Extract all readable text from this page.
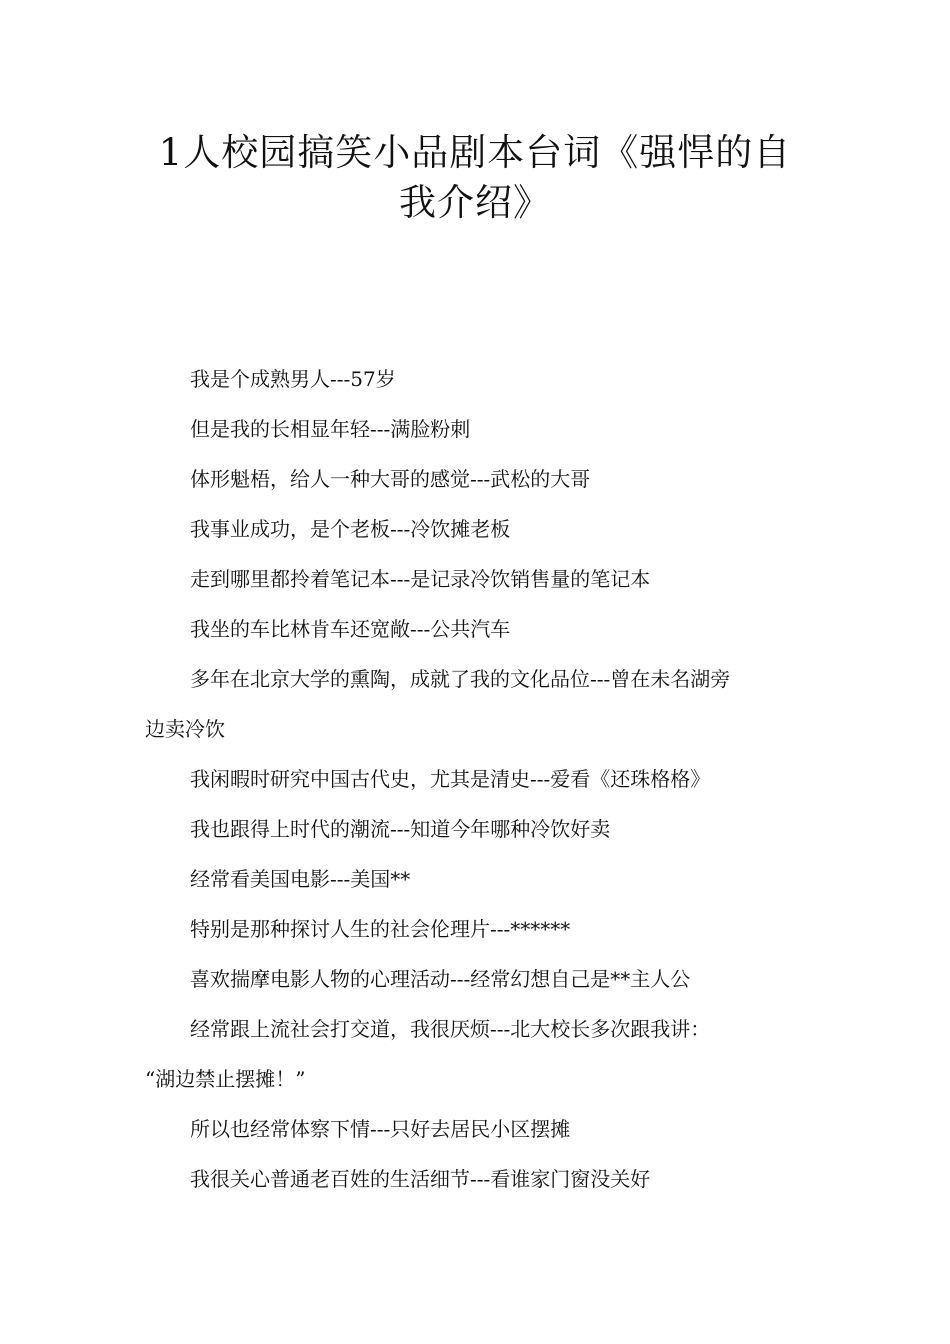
1人校园搞笑小品剧本台词《强悍的自
我介绍》

我是个成熟男人---57岁

但是我的长相显年轻---满脸粉刺

体形魁梧，给人一种大哥的感觉---武松的大哥

我事业成功，是个老板---冷饮摊老板

走到哪里都拎着笔记本---是记录冷饮销售量的笔记本

我坐的车比林肯车还宽敞---公共汽车

多年在北京大学的熏陶，成就了我的文化品位---曾在未名湖旁
边卖冷饮

我闲暇时研究中国古代史，尤其是清史---爱看《还珠格格》

我也跟得上时代的潮流---知道今年哪种冷饮好卖

经常看美国电影---美国**

特别是那种探讨人生的社会伦理片---******

喜欢揣摩电影人物的心理活动---经常幻想自己是**主人公

经常跟上流社会打交道，我很厌烦---北大校长多次跟我讲：
“湖边禁止摆摊！”

所以也经常体察下情---只好去居民小区摆摊

我很关心普通老百姓的生活细节---看谁家门窗没关好
